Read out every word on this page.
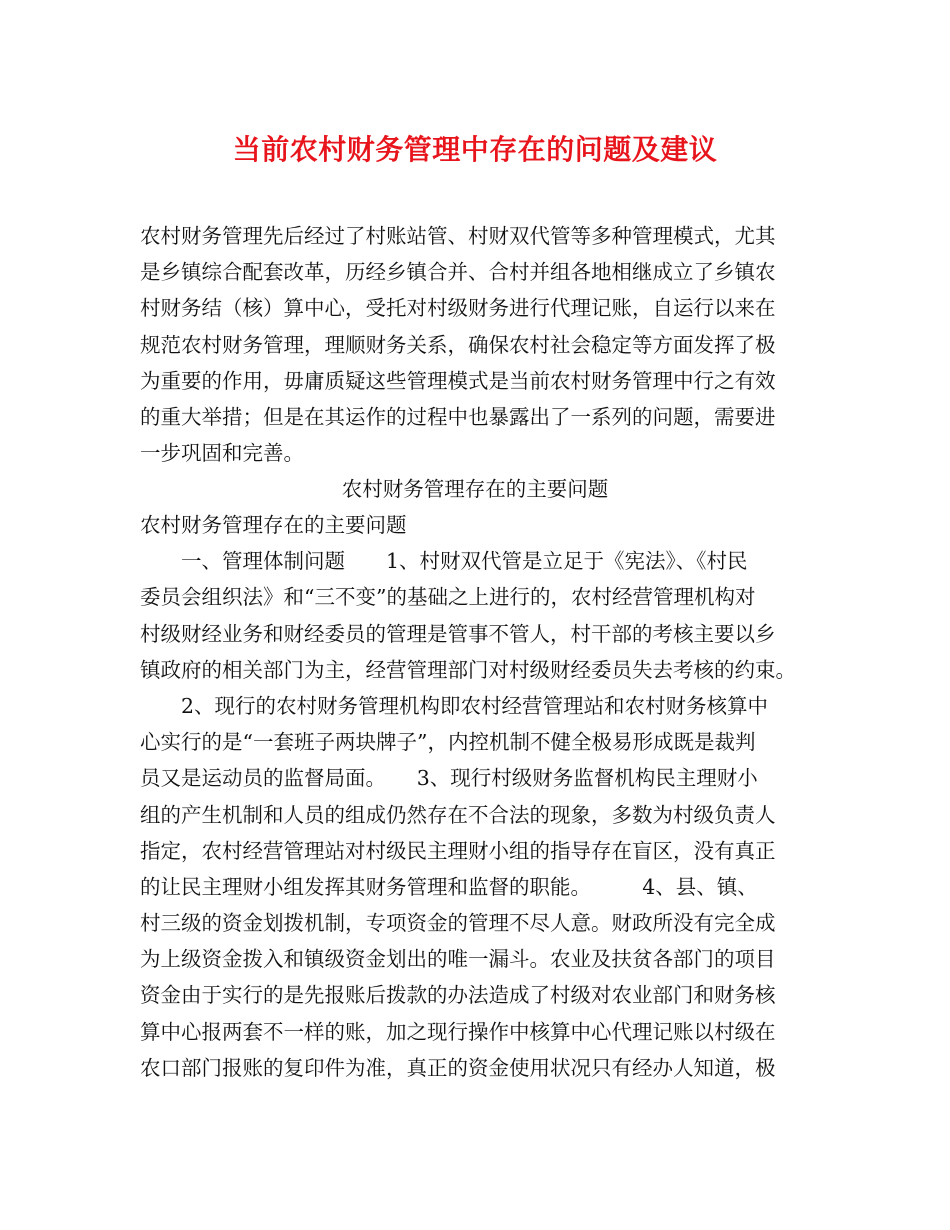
当前农村财务管理中存在的问题及建议
农村财务管理先后经过了村账站管、村财双代管等多种管理模式，尤其
是乡镇综合配套改革，历经乡镇合并、合村并组各地相继成立了乡镇农
村财务结（核）算中心，受托对村级财务进行代理记账，自运行以来在
规范农村财务管理，理顺财务关系，确保农村社会稳定等方面发挥了极
为重要的作用，毋庸质疑这些管理模式是当前农村财务管理中行之有效
的重大举措；但是在其运作的过程中也暴露出了一系列的问题，需要进
一步巩固和完善。
农村财务管理存在的主要问题
农村财务管理存在的主要问题
　　一、管理体制问题　　1、村财双代管是立足于《宪法》、《村民
委员会组织法》和“三不变”的基础之上进行的，农村经营管理机构对
村级财经业务和财经委员的管理是管事不管人，村干部的考核主要以乡
镇政府的相关部门为主，经营管理部门对村级财经委员失去考核的约束。
　　2、现行的农村财务管理机构即农村经营管理站和农村财务核算中
心实行的是“一套班子两块牌子”，内控机制不健全极易形成既是裁判
员又是运动员的监督局面。　　3、现行村级财务监督机构民主理财小
组的产生机制和人员的组成仍然存在不合法的现象，多数为村级负责人
指定，农村经营管理站对村级民主理财小组的指导存在盲区，没有真正
的让民主理财小组发挥其财务管理和监督的职能。　　　4、县、镇、
村三级的资金划拨机制，专项资金的管理不尽人意。财政所没有完全成
为上级资金拨入和镇级资金划出的唯一漏斗。农业及扶贫各部门的项目
资金由于实行的是先报账后拨款的办法造成了村级对农业部门和财务核
算中心报两套不一样的账，加之现行操作中核算中心代理记账以村级在
农口部门报账的复印件为准，真正的资金使用状况只有经办人知道，极
